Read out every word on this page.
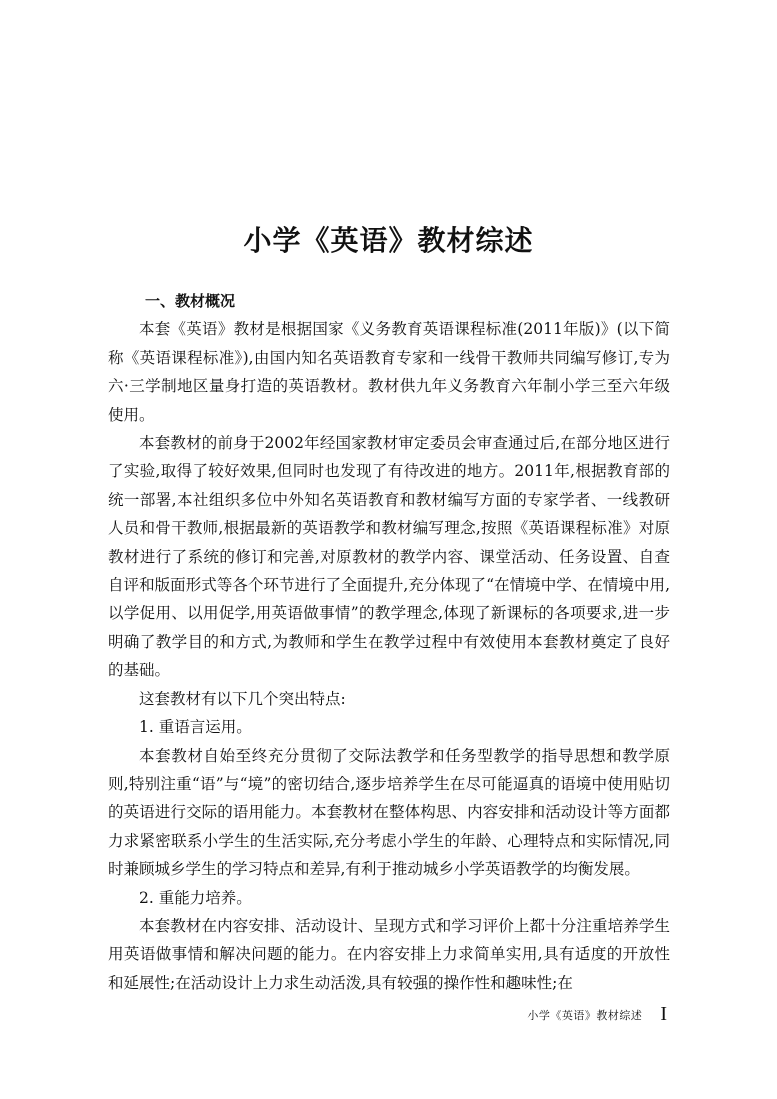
小学《英语》教材综述

一、教材概况

本套《英语》教材是根据国家《义务教育英语课程标准(2011年版)》(以下简称《英语课程标准》),由国内知名英语教育专家和一线骨干教师共同编写修订,专为六·三学制地区量身打造的英语教材。教材供九年义务教育六年制小学三至六年级使用。

本套教材的前身于2002年经国家教材审定委员会审查通过后,在部分地区进行了实验,取得了较好效果,但同时也发现了有待改进的地方。2011年,根据教育部的统一部署,本社组织多位中外知名英语教育和教材编写方面的专家学者、一线教研人员和骨干教师,根据最新的英语教学和教材编写理念,按照《英语课程标准》对原教材进行了系统的修订和完善,对原教材的教学内容、课堂活动、任务设置、自查自评和版面形式等各个环节进行了全面提升,充分体现了“在情境中学、在情境中用,以学促用、以用促学,用英语做事情”的教学理念,体现了新课标的各项要求,进一步明确了教学目的和方式,为教师和学生在教学过程中有效使用本套教材奠定了良好的基础。

这套教材有以下几个突出特点:

1. 重语言运用。

本套教材自始至终充分贯彻了交际法教学和任务型教学的指导思想和教学原则,特别注重“语”与“境”的密切结合,逐步培养学生在尽可能逼真的语境中使用贴切的英语进行交际的语用能力。本套教材在整体构思、内容安排和活动设计等方面都力求紧密联系小学生的生活实际,充分考虑小学生的年龄、心理特点和实际情况,同时兼顾城乡学生的学习特点和差异,有利于推动城乡小学英语教学的均衡发展。

2. 重能力培养。

本套教材在内容安排、活动设计、呈现方式和学习评价上都十分注重培养学生用英语做事情和解决问题的能力。在内容安排上力求简单实用,具有适度的开放性和延展性;在活动设计上力求生动活泼,具有较强的操作性和趣味性;在

小学《英语》教材综述 I
